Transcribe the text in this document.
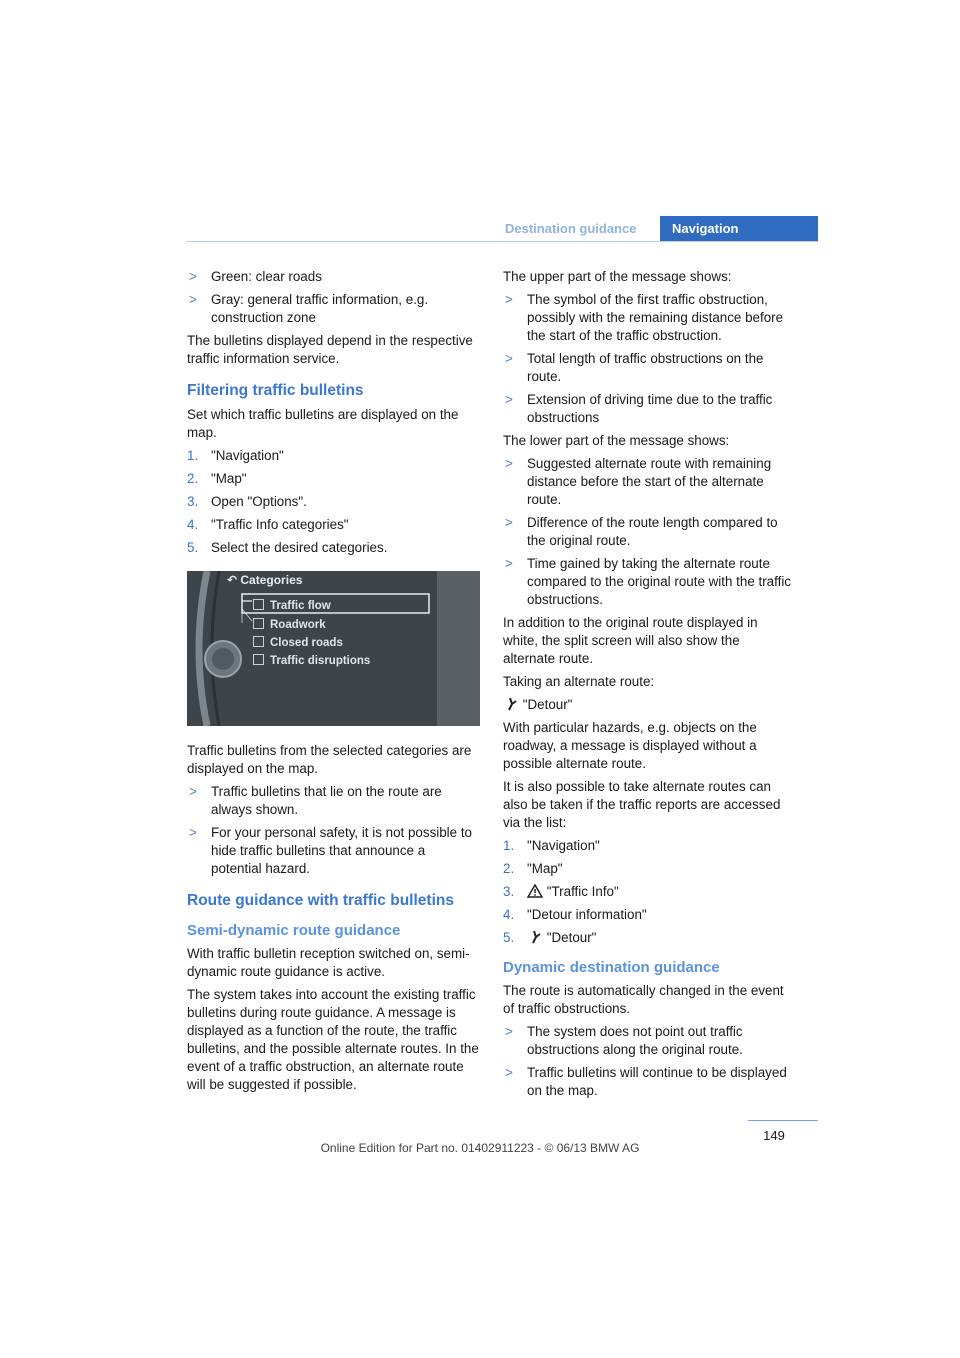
Destination guidance	Navigation
> Green: clear roads
> Gray: general traffic information, e.g. construction zone

The bulletins displayed depend in the respective traffic information service.

Filtering traffic bulletins

Set which traffic bulletins are displayed on the map.

1. "Navigation"
2. "Map"
3. Open "Options".
4. "Traffic Info categories"
5. Select the desired categories.
↶ Categories
Traffic flow
Roadwork
Closed roads
Traffic disruptions

Traffic bulletins from the selected categories are displayed on the map.

> Traffic bulletins that lie on the route are always shown.
> For your personal safety, it is not possible to hide traffic bulletins that announce a potential hazard.
Route guidance with traffic bulletins
Semi-dynamic route guidance

With traffic bulletin reception switched on, semi-dynamic route guidance is active.

The system takes into account the existing traffic bulletins during route guidance. A message is displayed as a function of the route, the traffic bulletins, and the possible alternate routes. In the event of a traffic obstruction, an alternate route will be suggested if possible.

The upper part of the message shows:

> The symbol of the first traffic obstruction, possibly with the remaining distance before the start of the traffic obstruction.
> Total length of traffic obstructions on the route.
> Extension of driving time due to the traffic obstructions

The lower part of the message shows:

> Suggested alternate route with remaining distance before the start of the alternate route.
> Difference of the route length compared to the original route.
> Time gained by taking the alternate route compared to the original route with the traffic obstructions.

In addition to the original route displayed in white, the split screen will also show the alternate route.

Taking an alternate route:

"Detour"

With particular hazards, e.g. objects on the roadway, a message is displayed without a possible alternate route.

It is also possible to take alternate routes can also be taken if the traffic reports are accessed via the list:

1. "Navigation"
2. "Map"
3. "Traffic Info"
4. "Detour information"
5. "Detour"
Dynamic destination guidance

The route is automatically changed in the event of traffic obstructions.

> The system does not point out traffic obstructions along the original route.
> Traffic bulletins will continue to be displayed on the map.
149
Online Edition for Part no. 01402911223 - © 06/13 BMW AG
